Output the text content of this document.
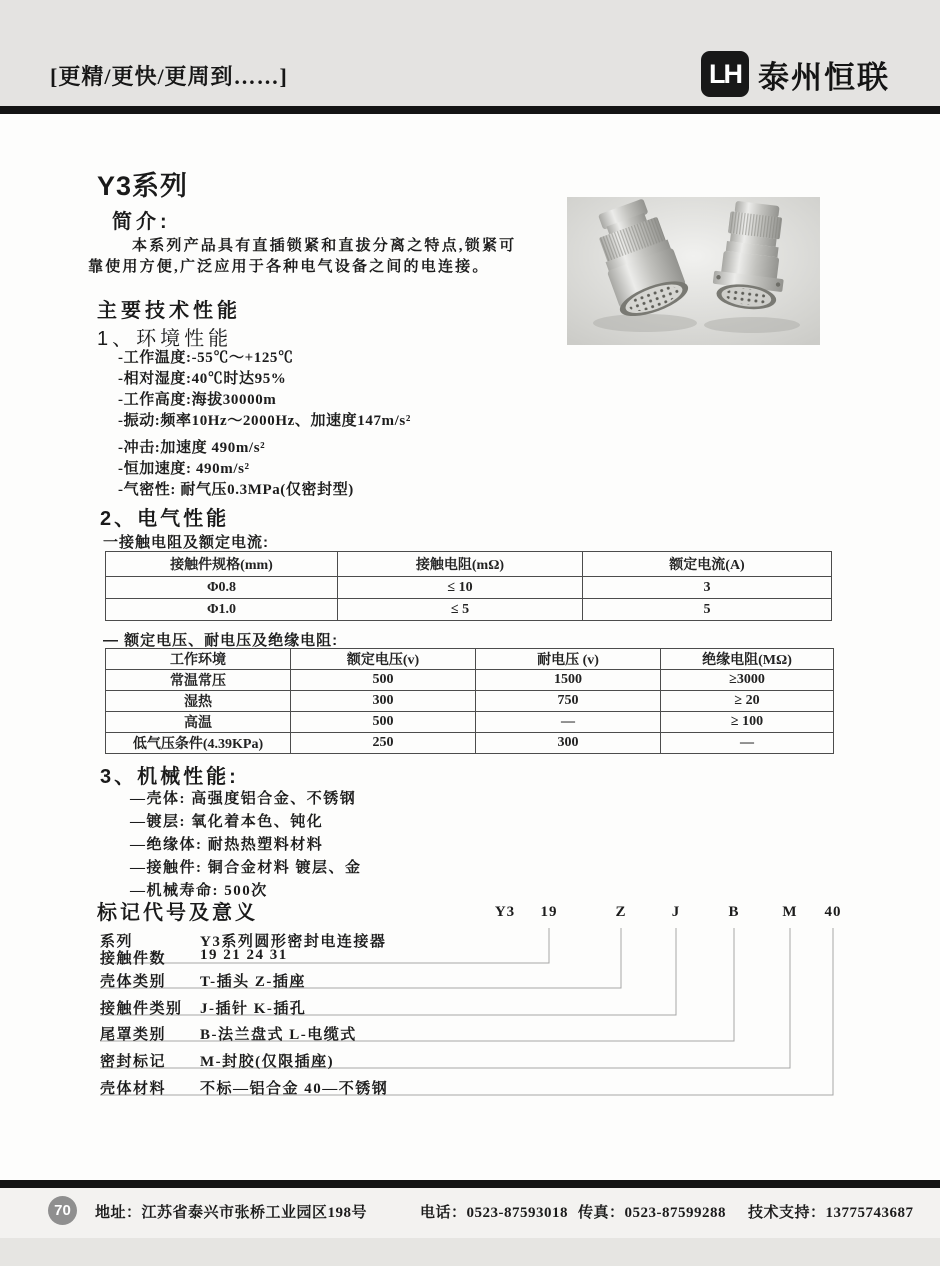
[更精/更快/更周到……]	LH 泰州恒联
Y3系列
简介:
本系列产品具有直插锁紧和直拔分离之特点,锁紧可
靠使用方便,广泛应用于各种电气设备之间的电连接。
主要技术性能
1、环境性能
-工作温度:-55℃～+125℃
-相对湿度:40℃时达95%
-工作高度:海拔30000m
-振动:频率10Hz～2000Hz、加速度147m/s²
-冲击:加速度 490m/s²
-恒加速度: 490m/s²
-气密性: 耐气压0.3MPa(仅密封型)
2、电气性能
一接触电阻及额定电流:
接触件规格(mm)	接触电阻(mΩ)	额定电流(A)
Φ0.8	≤ 10	3
Φ1.0	≤ 5	5
— 额定电压、耐电压及绝缘电阻:
工作环境	额定电压(v)	耐电压 (v)	绝缘电阻(MΩ)
常温常压	500	1500	≥3000
湿热	300	750	≥ 20
高温	500	—	≥ 100
低气压条件(4.39KPa)	250	300	—
3、机械性能:
—壳体: 高强度铝合金、不锈钢
—镀层: 氧化着本色、钝化
—绝缘体: 耐热热塑料材料
—接触件: 铜合金材料 镀层、金
—机械寿命: 500次
标记代号及意义	Y3 19	Z	J	B	M 40
系列	Y3系列圆形密封电连接器
接触件数 19 21 24 31
壳体类别 T-插头 Z-插座
接触件类别 J-插针 K-插孔
尾罩类别 B-法兰盘式 L-电缆式
密封标记 M-封胶(仅限插座)
壳体材料 不标—铝合金 40—不锈钢
70	地址：江苏省泰兴市张桥工业园区198号	电话：0523-87593018 传真：0523-87599288 技术支持：13775743687
